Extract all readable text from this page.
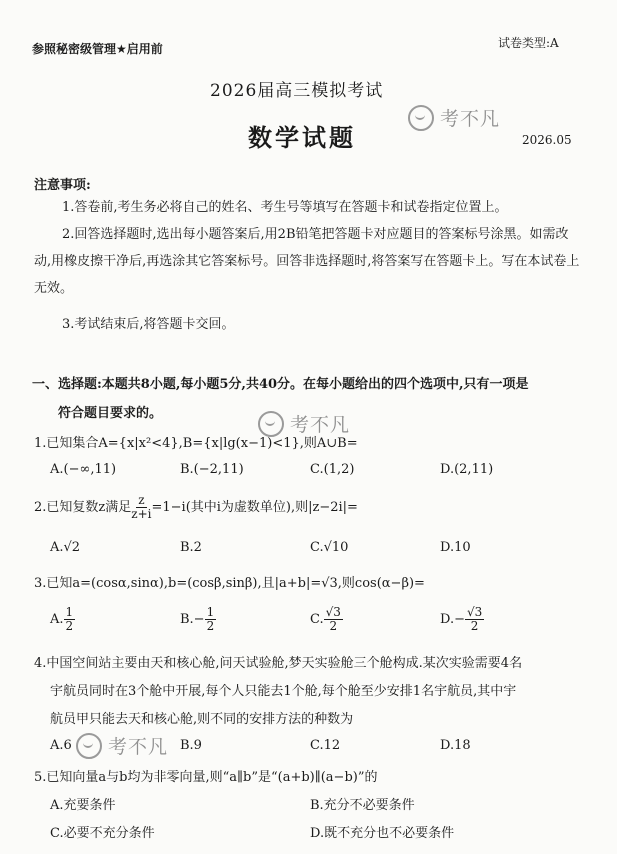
参照秘密级管理★启用前	试卷类型:A
2026届高三模拟考试
数学试题	2026.05
考不凡
注意事项:
1.答卷前,考生务必将自己的姓名、考生号等填写在答题卡和试卷指定位置上。
2.回答选择题时,选出每小题答案后,用2B铅笔把答题卡对应题目的答案标号涂黑。如需改动,用橡皮擦干净后,再选涂其它答案标号。回答非选择题时,将答案写在答题卡上。写在本试卷上无效。
3.考试结束后,将答题卡交回。
一、选择题:本题共8小题,每小题5分,共40分。在每小题给出的四个选项中,只有一项是
符合题目要求的。
考不凡
1.已知集合A={x|x²<4},B={x|lg(x−1)<1},则A∪B=
A.(−∞,11)	B.(−2,11)	C.(1,2)	D.(2,11)
2.已知复数z满足 $\frac{z}{z+i} =1-i$(其中i为虚数单位),则|z−2i|=
A.√2	B.2	C.√10	D.10
3.已知a=(cosα,sinα),b=(cosβ,sinβ),且|a+b|=√3,则cos(α−β)=
A. $\frac{1}{2}$	$B.- \frac{1}{2}$	C. $\frac{√3}{2}$	$D.- \frac{√3}{2}$
4.中国空间站主要由天和核心舱,问天试验舱,梦天实验舱三个舱构成.某次实验需要4名
宇航员同时在3个舱中开展,每个人只能去1个舱,每个舱至少安排1名宇航员,其中宇
航员甲只能去天和核心舱,则不同的安排方法的种数为
A.6	B.9	C.12	D.18
考不凡
5.已知向量a与b均为非零向量,则“a∥b”是“(a+b)∥(a−b)”的
A.充要条件	B.充分不必要条件
C.必要不充分条件	D.既不充分也不必要条件
